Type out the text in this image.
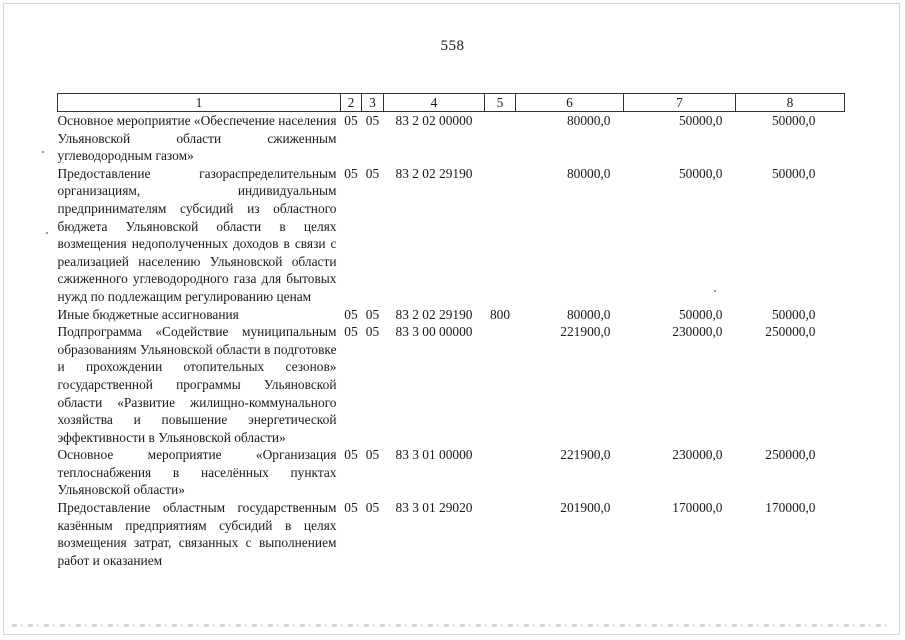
558
1	2	3	4	5	6	7	8
Основное мероприятие «Обеспечение населения Ульяновской области сжиженным углеводородным газом»	05	05	83 2 02 00000		80000,0	50000,0	50000,0
Предоставление газораспределительным организациям, индивидуальным предпринимателям субсидий из областного бюджета Ульяновской области в целях возмещения недополученных доходов в связи с реализацией населению Ульяновской области сжиженного углеводородного газа для бытовых нужд по подлежащим регулированию ценам	05	05	83 2 02 29190		80000,0	50000,0	50000,0
Иные бюджетные ассигнования	05	05	83 2 02 29190	800	80000,0	50000,0	50000,0
Подпрограмма «Содействие муниципальным образованиям Ульяновской области в подготовке и прохождении отопительных сезонов» государственной программы Ульяновской области «Развитие жилищно-коммунального хозяйства и повышение энергетической эффективности в Ульяновской области»	05	05	83 3 00 00000		221900,0	230000,0	250000,0
Основное мероприятие «Организация теплоснабжения в населённых пунктах Ульяновской области»	05	05	83 3 01 00000		221900,0	230000,0	250000,0
Предоставление областным государственным казённым предприятиям субсидий в целях возмещения затрат, связанных с выполнением работ и оказанием	05	05	83 3 01 29020		201900,0	170000,0	170000,0
